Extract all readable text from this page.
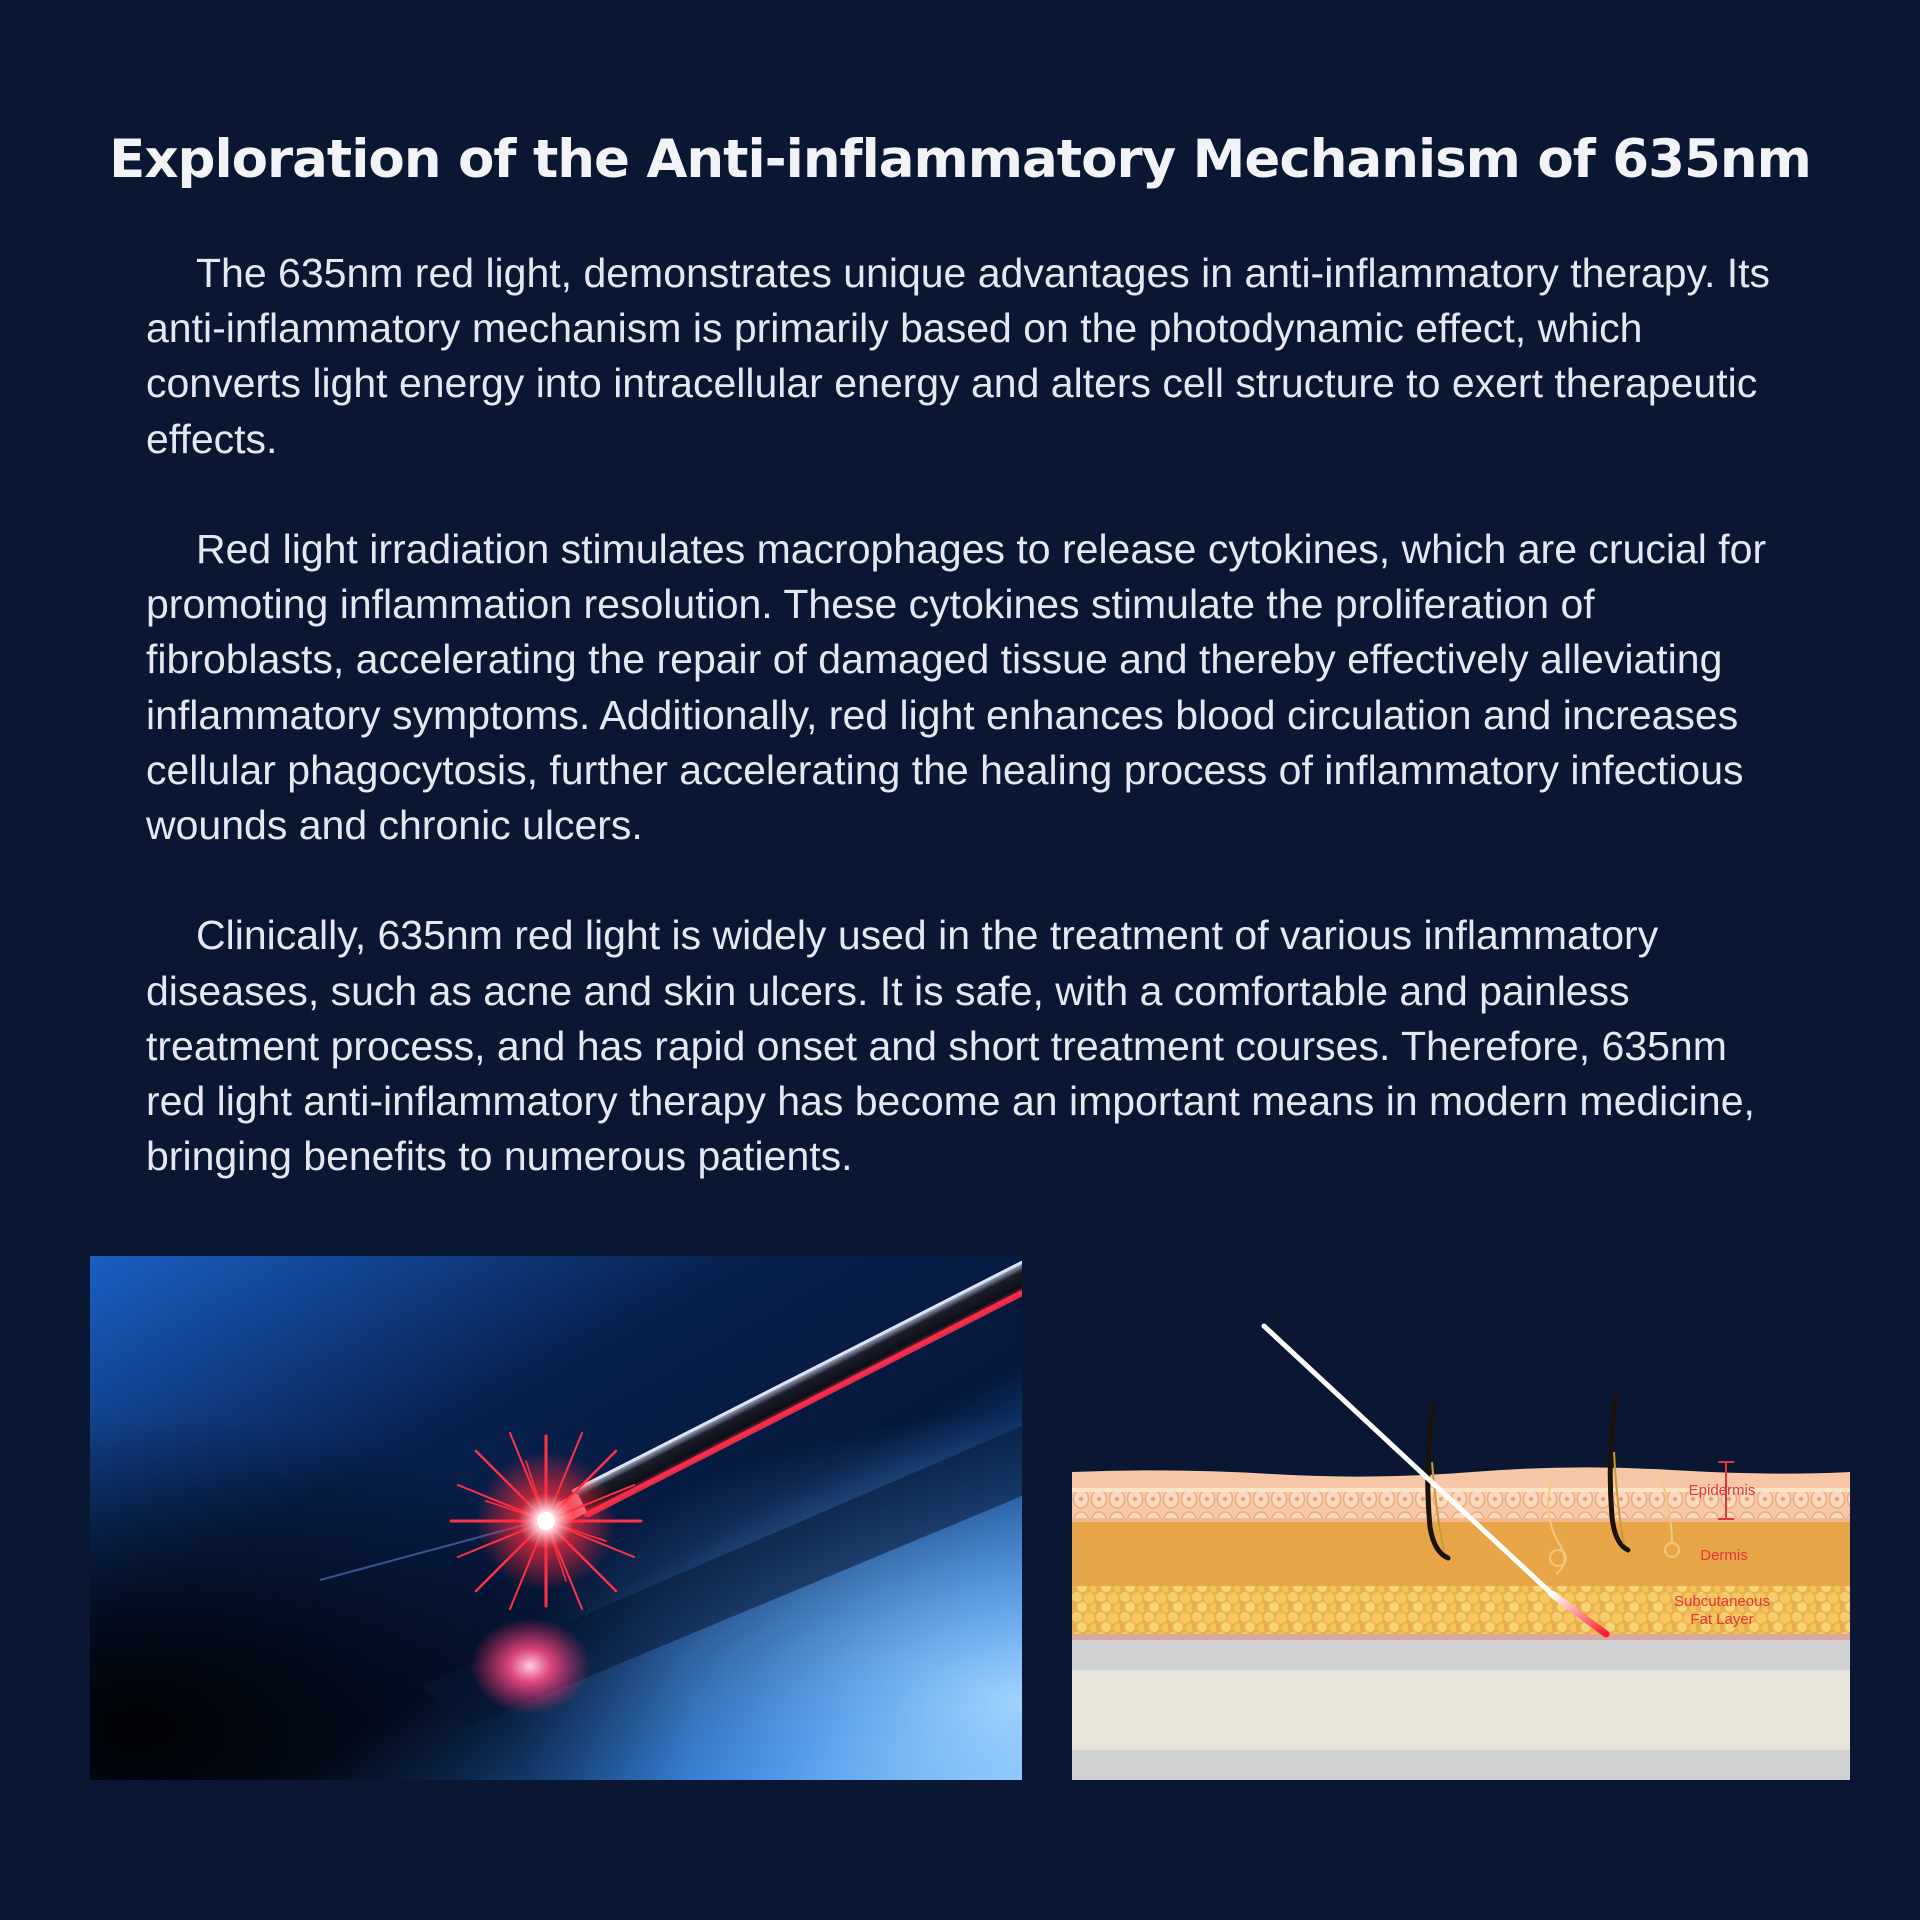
Exploration of the Anti-inflammatory Mechanism of 635nm

The 635nm red light, demonstrates unique advantages in anti-inflammatory therapy. Its anti-inflammatory mechanism is primarily based on the photodynamic effect, which converts light energy into intracellular energy and alters cell structure to exert therapeutic effects.

Red light irradiation stimulates macrophages to release cytokines, which are crucial for promoting inflammation resolution. These cytokines stimulate the proliferation of fibroblasts, accelerating the repair of damaged tissue and thereby effectively alleviating inflammatory symptoms. Additionally, red light enhances blood circulation and increases cellular phagocytosis, further accelerating the healing process of inflammatory infectious wounds and chronic ulcers.

Clinically, 635nm red light is widely used in the treatment of various inflammatory diseases, such as acne and skin ulcers. It is safe, with a comfortable and painless treatment process, and has rapid onset and short treatment courses. Therefore, 635nm red light anti-inflammatory therapy has become an important means in modern medicine, bringing benefits to numerous patients.

Epidermis
Dermis
Subcutaneous
Fat Layer
